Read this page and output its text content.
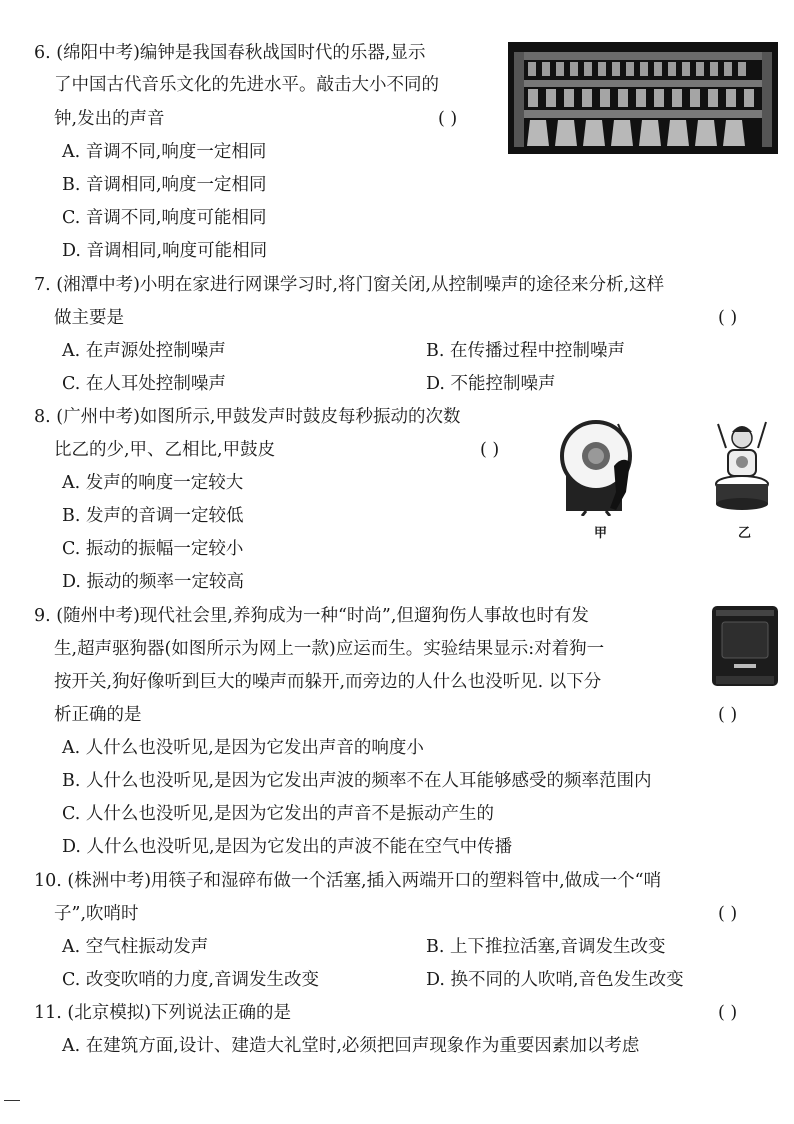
6. (绵阳中考)编钟是我国春秋战国时代的乐器,显示
了中国古代音乐文化的先进水平。敲击大小不同的
钟,发出的声音	( )
A. 音调不同,响度一定相同
B. 音调相同,响度一定相同
C. 音调不同,响度可能相同
D. 音调相同,响度可能相同
7. (湘潭中考)小明在家进行网课学习时,将门窗关闭,从控制噪声的途径来分析,这样
做主要是	( )
A. 在声源处控制噪声	B. 在传播过程中控制噪声
C. 在人耳处控制噪声	D. 不能控制噪声
8. (广州中考)如图所示,甲鼓发声时鼓皮每秒振动的次数
比乙的少,甲、乙相比,甲鼓皮	( )
A. 发声的响度一定较大
B. 发声的音调一定较低
C. 振动的振幅一定较小
D. 振动的频率一定较高
甲	乙
9. (随州中考)现代社会里,养狗成为一种“时尚”,但遛狗伤人事故也时有发
生,超声驱狗器(如图所示为网上一款)应运而生。实验结果显示:对着狗一
按开关,狗好像听到巨大的噪声而躲开,而旁边的人什么也没听见. 以下分
析正确的是	( )
A. 人什么也没听见,是因为它发出声音的响度小
B. 人什么也没听见,是因为它发出声波的频率不在人耳能够感受的频率范围内
C. 人什么也没听见,是因为它发出的声音不是振动产生的
D. 人什么也没听见,是因为它发出的声波不能在空气中传播
10. (株洲中考)用筷子和湿碎布做一个活塞,插入两端开口的塑料管中,做成一个“哨
子”,吹哨时	( )
A. 空气柱振动发声	B. 上下推拉活塞,音调发生改变
C. 改变吹哨的力度,音调发生改变	D. 换不同的人吹哨,音色发生改变
11. (北京模拟)下列说法正确的是	( )
A. 在建筑方面,设计、建造大礼堂时,必须把回声现象作为重要因素加以考虑
